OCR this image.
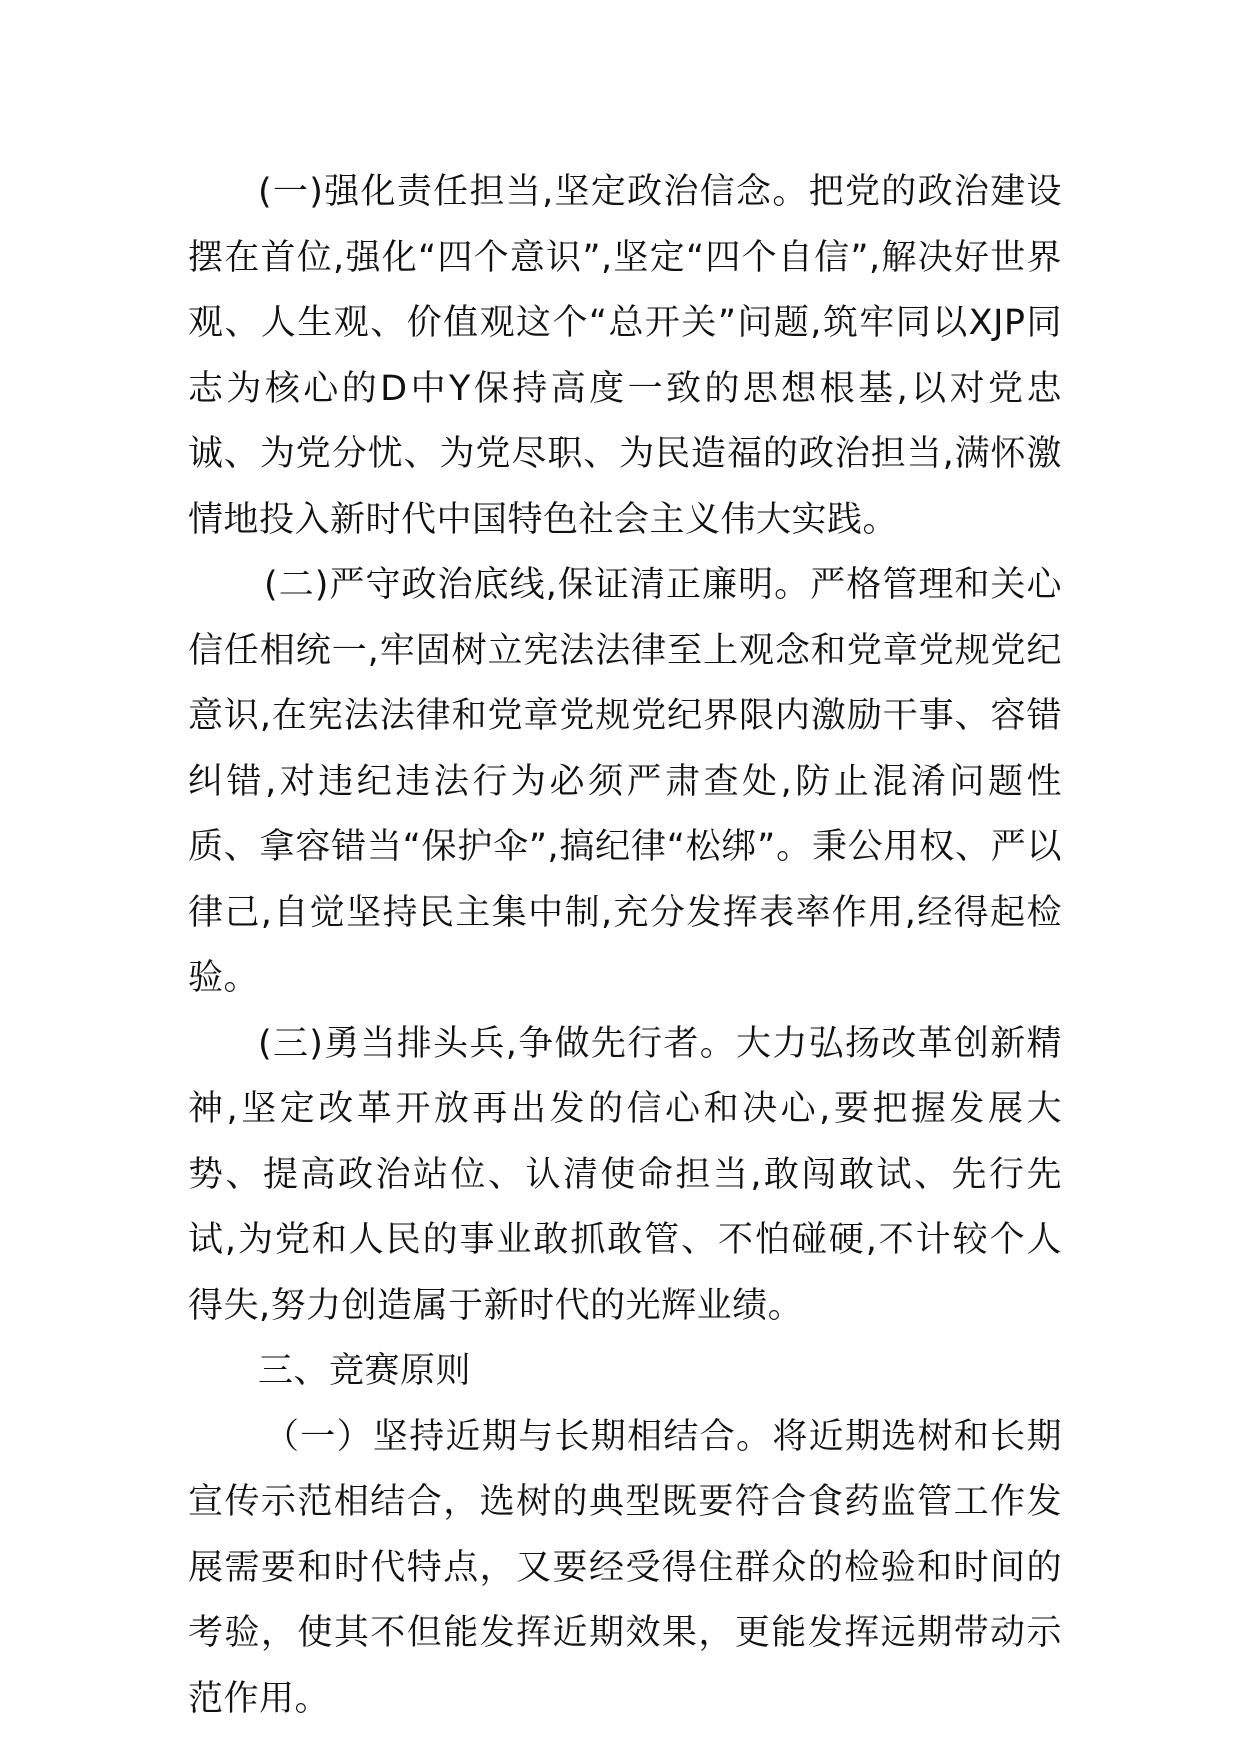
(一)强化责任担当,坚定政治信念。把党的政治建设摆在首位,强化“四个意识”,坚定“四个自信”,解决好世界观、人生观、价值观这个“总开关”问题,筑牢同以XJP同志为核心的D中Y保持高度一致的思想根基,以对党忠诚、为党分忧、为党尽职、为民造福的政治担当,满怀激情地投入新时代中国特色社会主义伟大实践。

(二)严守政治底线,保证清正廉明。严格管理和关心信任相统一,牢固树立宪法法律至上观念和党章党规党纪意识,在宪法法律和党章党规党纪界限内激励干事、容错纠错,对违纪违法行为必须严肃查处,防止混淆问题性质、拿容错当“保护伞”,搞纪律“松绑”。秉公用权、严以律己,自觉坚持民主集中制,充分发挥表率作用,经得起检验。

(三)勇当排头兵,争做先行者。大力弘扬改革创新精神,坚定改革开放再出发的信心和决心,要把握发展大势、提高政治站位、认清使命担当,敢闯敢试、先行先试,为党和人民的事业敢抓敢管、不怕碰硬,不计较个人得失,努力创造属于新时代的光辉业绩。

三、竞赛原则

（一）坚持近期与长期相结合。将近期选树和长期宣传示范相结合，选树的典型既要符合食药监管工作发展需要和时代特点，又要经受得住群众的检验和时间的考验，使其不但能发挥近期效果，更能发挥远期带动示范作用。
